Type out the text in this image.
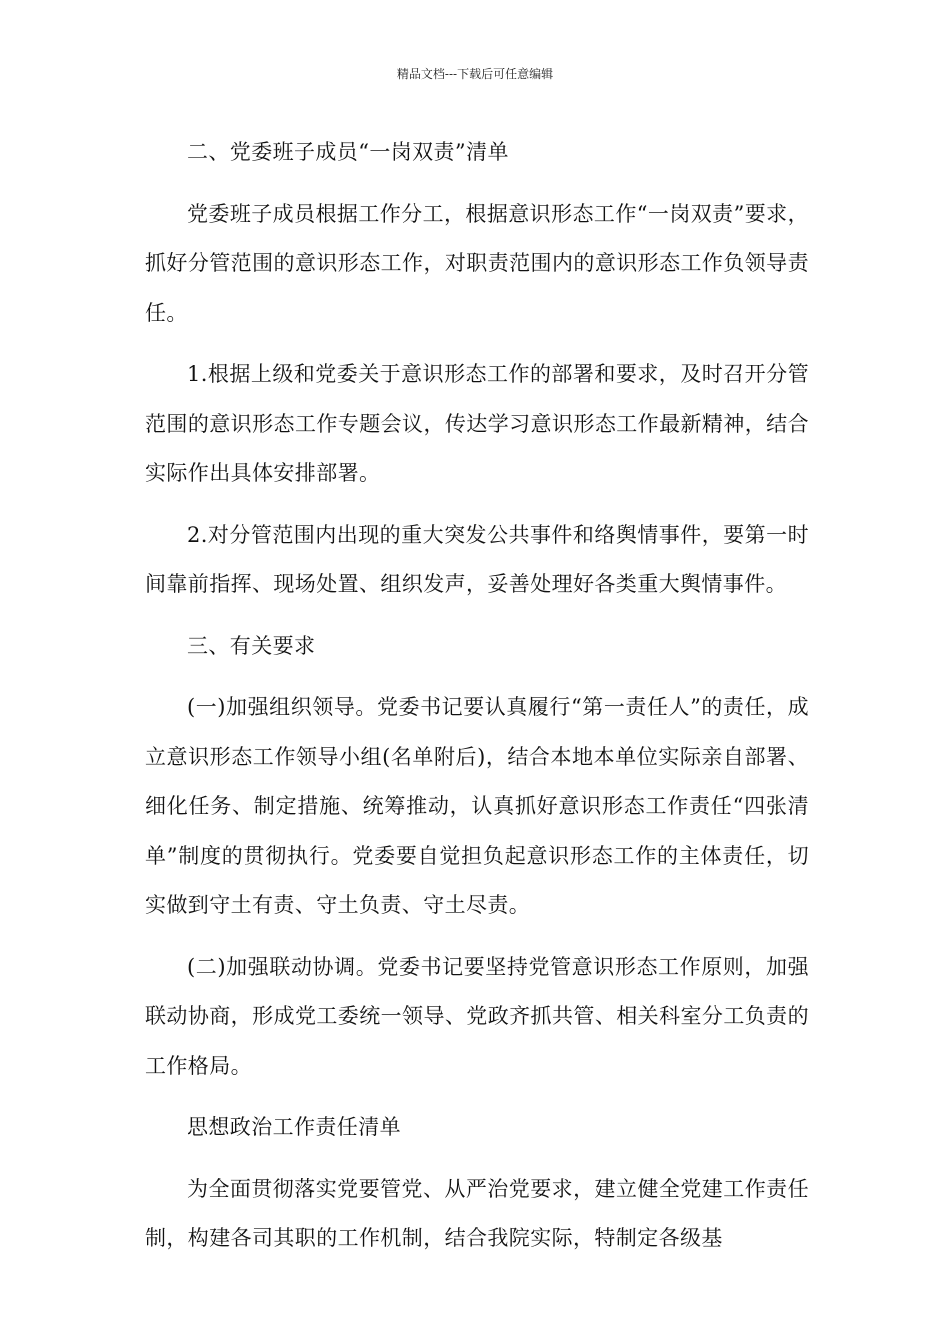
精品文档---下载后可任意编辑

二、党委班子成员“一岗双责”清单

党委班子成员根据工作分工，根据意识形态工作“一岗双责”要求，抓好分管范围的意识形态工作，对职责范围内的意识形态工作负领导责任。

1.根据上级和党委关于意识形态工作的部署和要求，及时召开分管范围的意识形态工作专题会议，传达学习意识形态工作最新精神，结合实际作出具体安排部署。

2.对分管范围内出现的重大突发公共事件和络舆情事件，要第一时间靠前指挥、现场处置、组织发声，妥善处理好各类重大舆情事件。

三、有关要求

(一)加强组织领导。党委书记要认真履行“第一责任人”的责任，成立意识形态工作领导小组(名单附后)，结合本地本单位实际亲自部署、细化任务、制定措施、统筹推动，认真抓好意识形态工作责任“四张清单”制度的贯彻执行。党委要自觉担负起意识形态工作的主体责任，切实做到守土有责、守土负责、守土尽责。

(二)加强联动协调。党委书记要坚持党管意识形态工作原则，加强联动协商，形成党工委统一领导、党政齐抓共管、相关科室分工负责的工作格局。

思想政治工作责任清单

为全面贯彻落实党要管党、从严治党要求，建立健全党建工作责任制，构建各司其职的工作机制，结合我院实际，特制定各级基
